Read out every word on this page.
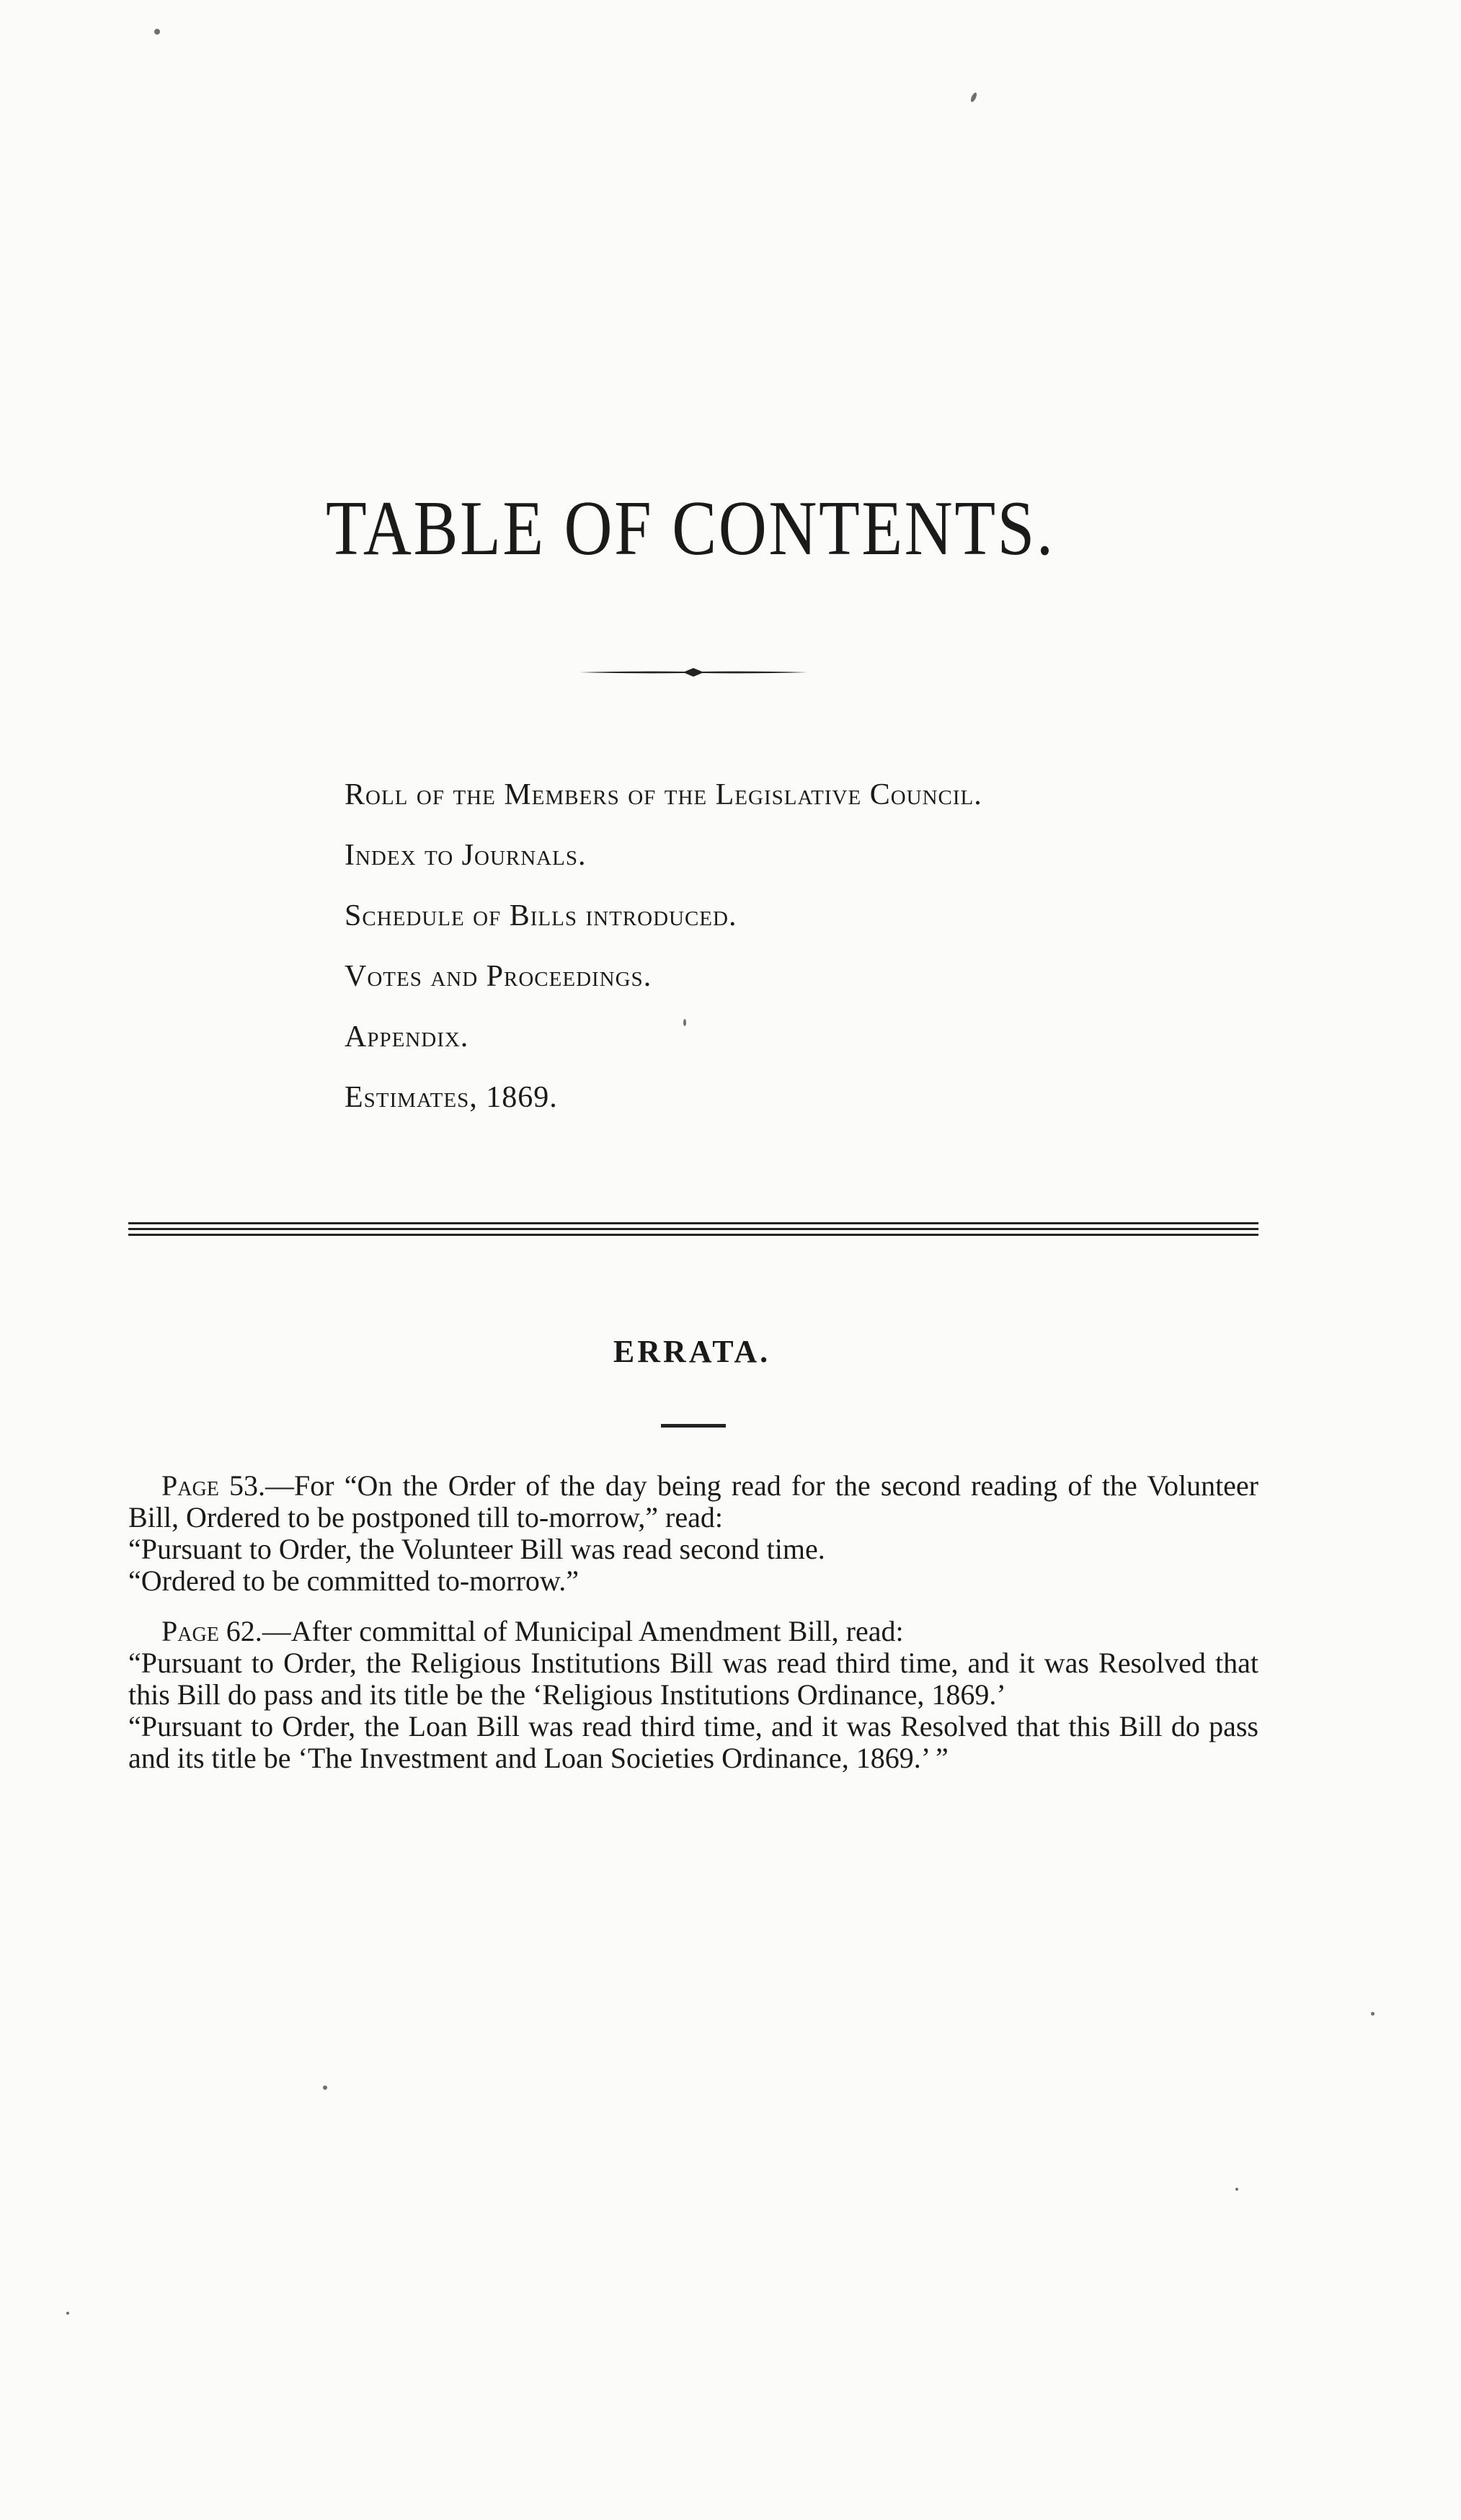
TABLE OF CONTENTS.
Roll of the Members of the Legislative Council.
Index to Journals.
Schedule of Bills introduced.
Votes and Proceedings.
Appendix.
Estimates, 1869.
ERRATA.

Page 53.—For “On the Order of the day being read for the second reading of the Volunteer Bill, Ordered to be postponed till to-morrow,” read:

“Pursuant to Order, the Volunteer Bill was read second time.

“Ordered to be committed to-morrow.”

Page 62.—After committal of Municipal Amendment Bill, read:

“Pursuant to Order, the Religious Institutions Bill was read third time, and it was Resolved that this Bill do pass and its title be the ‘Religious Institutions Ordinance, 1869.’

“Pursuant to Order, the Loan Bill was read third time, and it was Resolved that this Bill do pass and its title be ‘The Investment and Loan Societies Ordinance, 1869.’ ”
